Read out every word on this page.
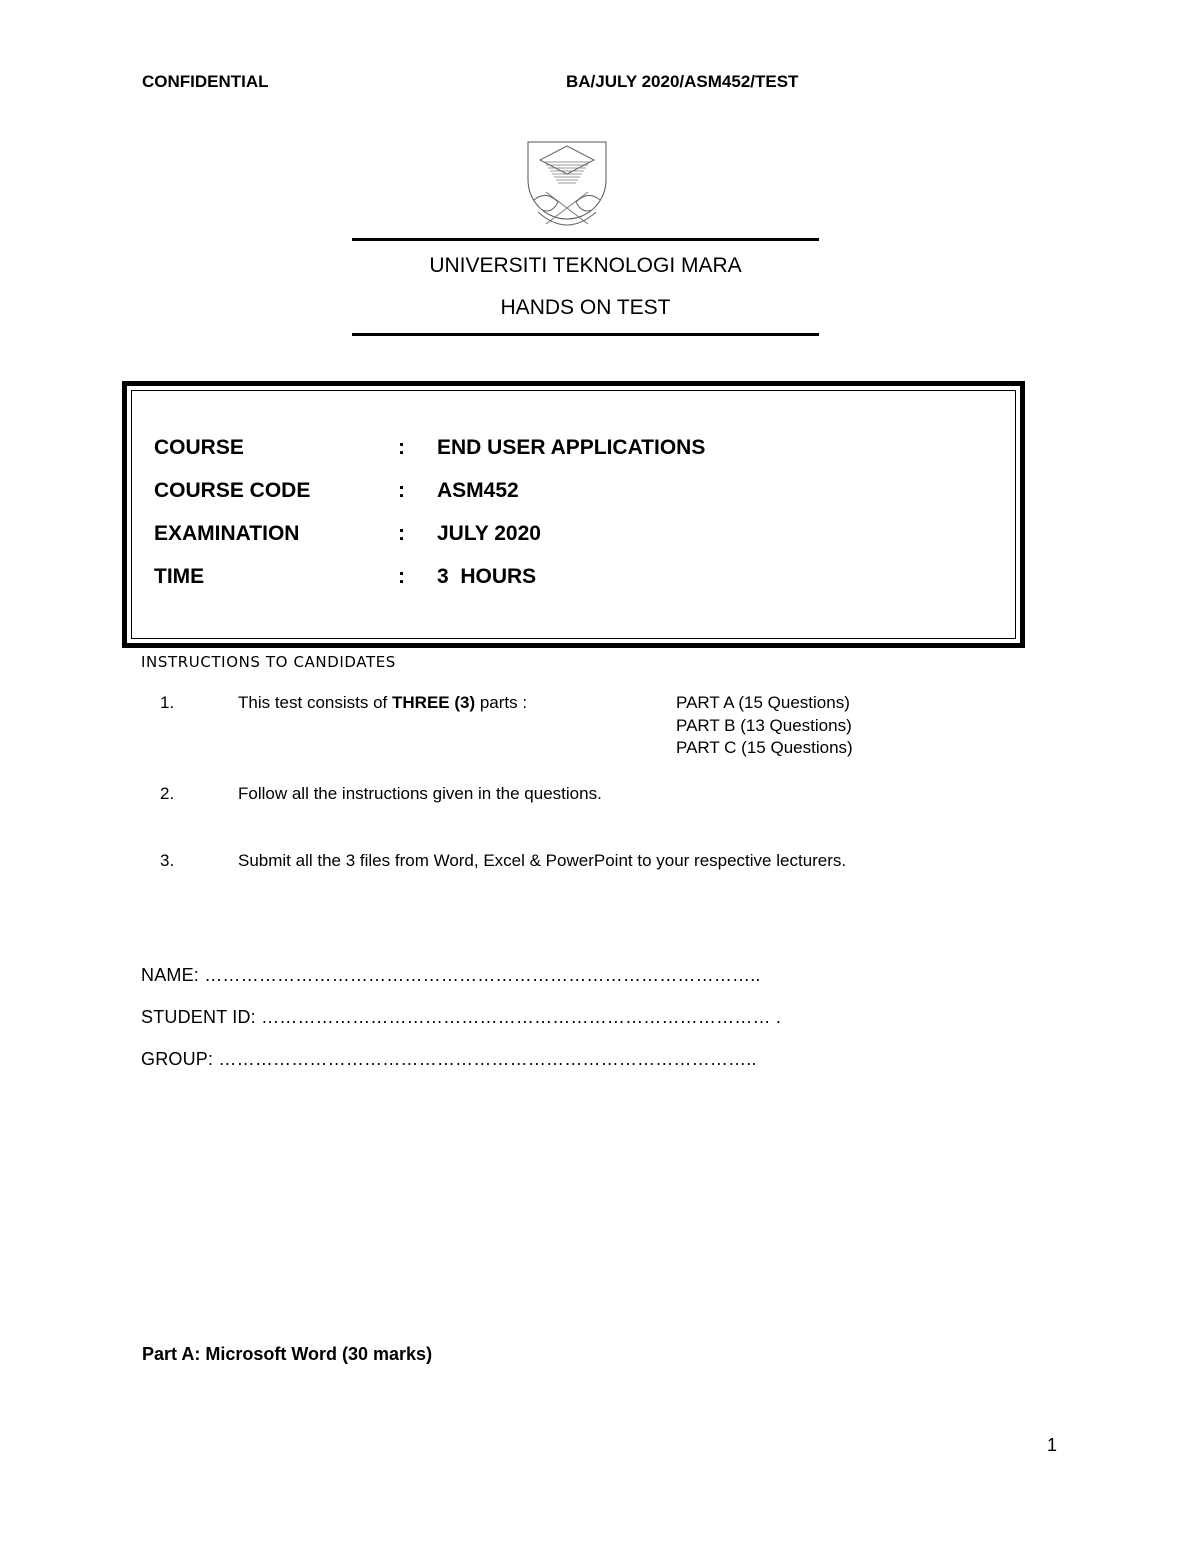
CONFIDENTIAL	BA/JULY 2020/ASM452/TEST
UNIVERSITI TEKNOLOGI MARA
HANDS ON TEST
COURSE	: END USER APPLICATIONS
COURSE CODE	: ASM452
EXAMINATION	: JULY 2020
TIME	: 3  HOURS
INSTRUCTIONS TO CANDIDATES
1.	This test consists of THREE (3) parts :	PART A (15 Questions)
PART B (13 Questions)
PART C (15 Questions)
2.	Follow all the instructions given in the questions.
3.	Submit all the 3 files from Word, Excel & PowerPoint to your respective lecturers.
NAME: ………………………………………………………………………………..
STUDENT ID: ………………………………………………………………………… .
GROUP: ……………………………………………………………………………..
Part A: Microsoft Word (30 marks)
1
